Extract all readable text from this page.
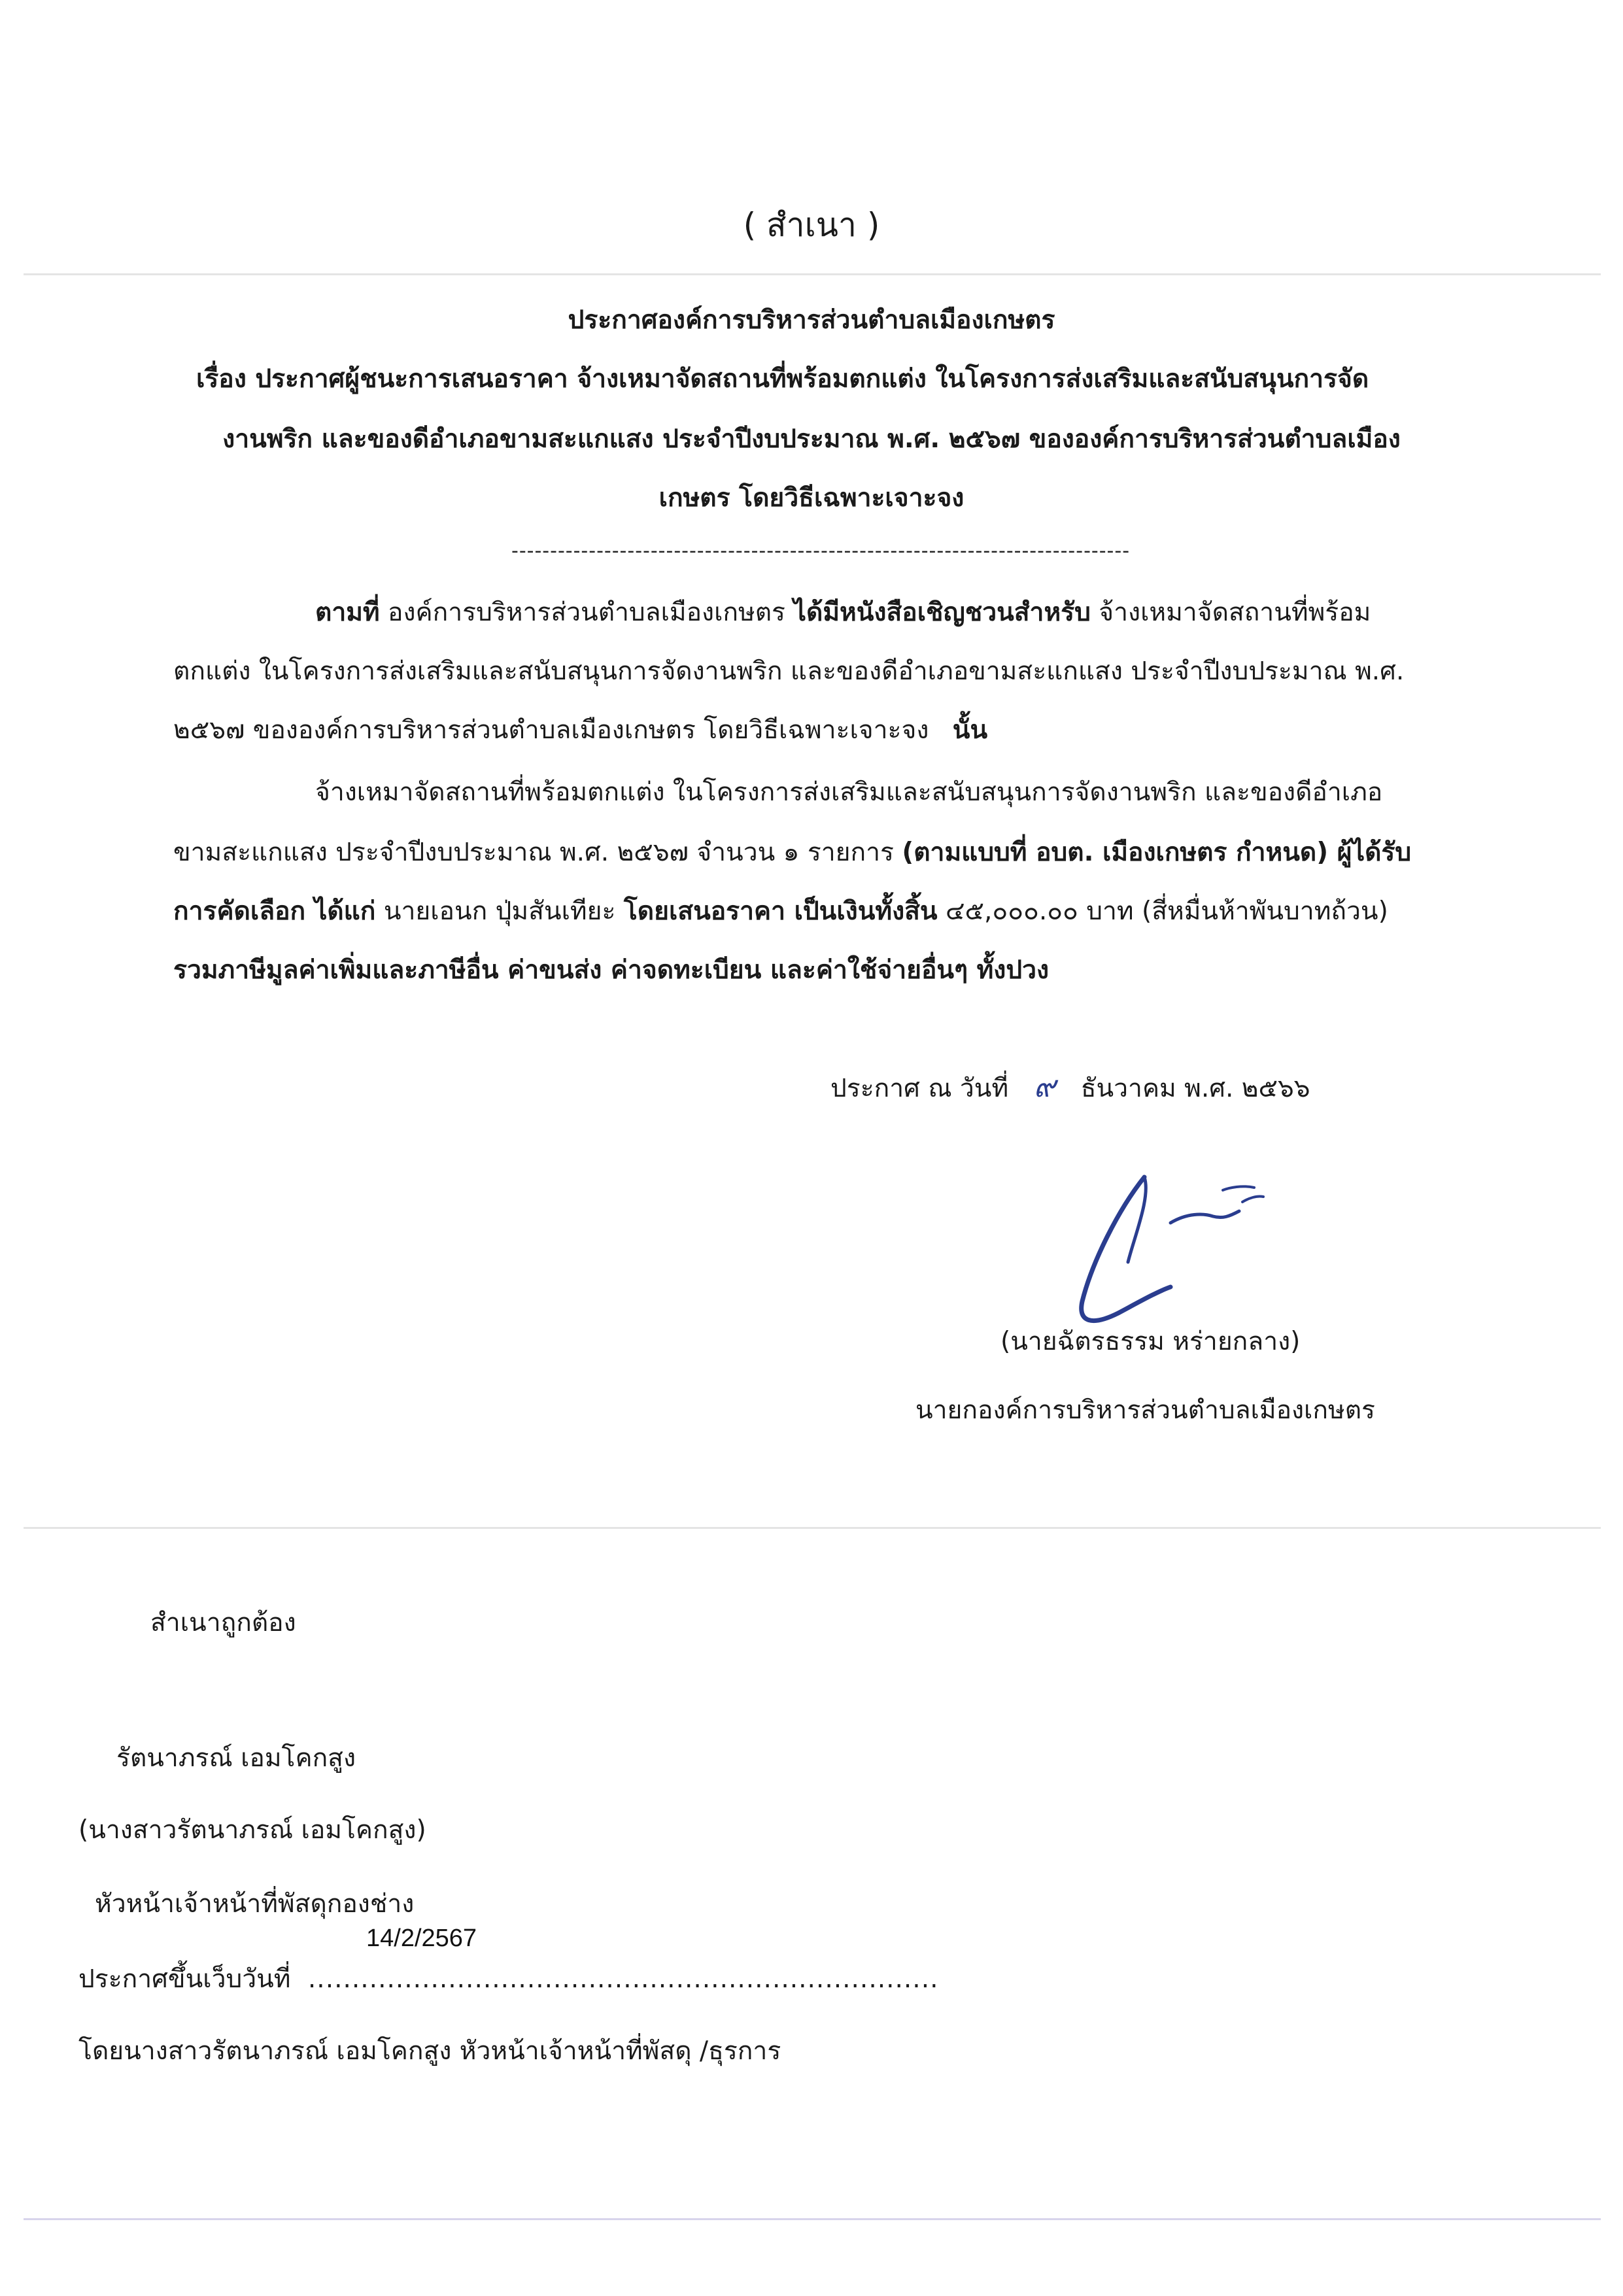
( สำเนา )
ประกาศองค์การบริหารส่วนตำบลเมืองเกษตร
เรื่อง ประกาศผู้ชนะการเสนอราคา จ้างเหมาจัดสถานที่พร้อมตกแต่ง ในโครงการส่งเสริมและสนับสนุนการจัด
งานพริก และของดีอำเภอขามสะแกแสง ประจำปีงบประมาณ พ.ศ. ๒๕๖๗ ขององค์การบริหารส่วนตำบลเมือง
เกษตร โดยวิธีเฉพาะเจาะจง
--------------------------------------------------------------------------------
ตามที่ องค์การบริหารส่วนตำบลเมืองเกษตร ได้มีหนังสือเชิญชวนสำหรับ จ้างเหมาจัดสถานที่พร้อม
ตกแต่ง ในโครงการส่งเสริมและสนับสนุนการจัดงานพริก และของดีอำเภอขามสะแกแสง ประจำปีงบประมาณ พ.ศ.
๒๕๖๗ ขององค์การบริหารส่วนตำบลเมืองเกษตร โดยวิธีเฉพาะเจาะจง นั้น
จ้างเหมาจัดสถานที่พร้อมตกแต่ง ในโครงการส่งเสริมและสนับสนุนการจัดงานพริก และของดีอำเภอ
ขามสะแกแสง ประจำปีงบประมาณ พ.ศ. ๒๕๖๗ จำนวน ๑ รายการ (ตามแบบที่ อบต. เมืองเกษตร กำหนด) ผู้ได้รับ
การคัดเลือก ได้แก่ นายเอนก ปุ่มสันเทียะ โดยเสนอราคา เป็นเงินทั้งสิ้น ๔๕,๐๐๐.๐๐ บาท (สี่หมื่นห้าพันบาทถ้วน)
รวมภาษีมูลค่าเพิ่มและภาษีอื่น ค่าขนส่ง ค่าจดทะเบียน และค่าใช้จ่ายอื่นๆ ทั้งปวง
ประกาศ ณ วันที่ ๙ ธันวาคม พ.ศ. ๒๕๖๖
(นายฉัตรธรรม หร่ายกลาง)
นายกองค์การบริหารส่วนตำบลเมืองเกษตร
สำเนาถูกต้อง
รัตนาภรณ์ เอมโคกสูง
(นางสาวรัตนาภรณ์ เอมโคกสูง)
หัวหน้าเจ้าหน้าที่พัสดุกองช่าง
14/2/2567
ประกาศขึ้นเว็บวันที่ ........................................................................
โดยนางสาวรัตนาภรณ์ เอมโคกสูง หัวหน้าเจ้าหน้าที่พัสดุ /ธุรการ
